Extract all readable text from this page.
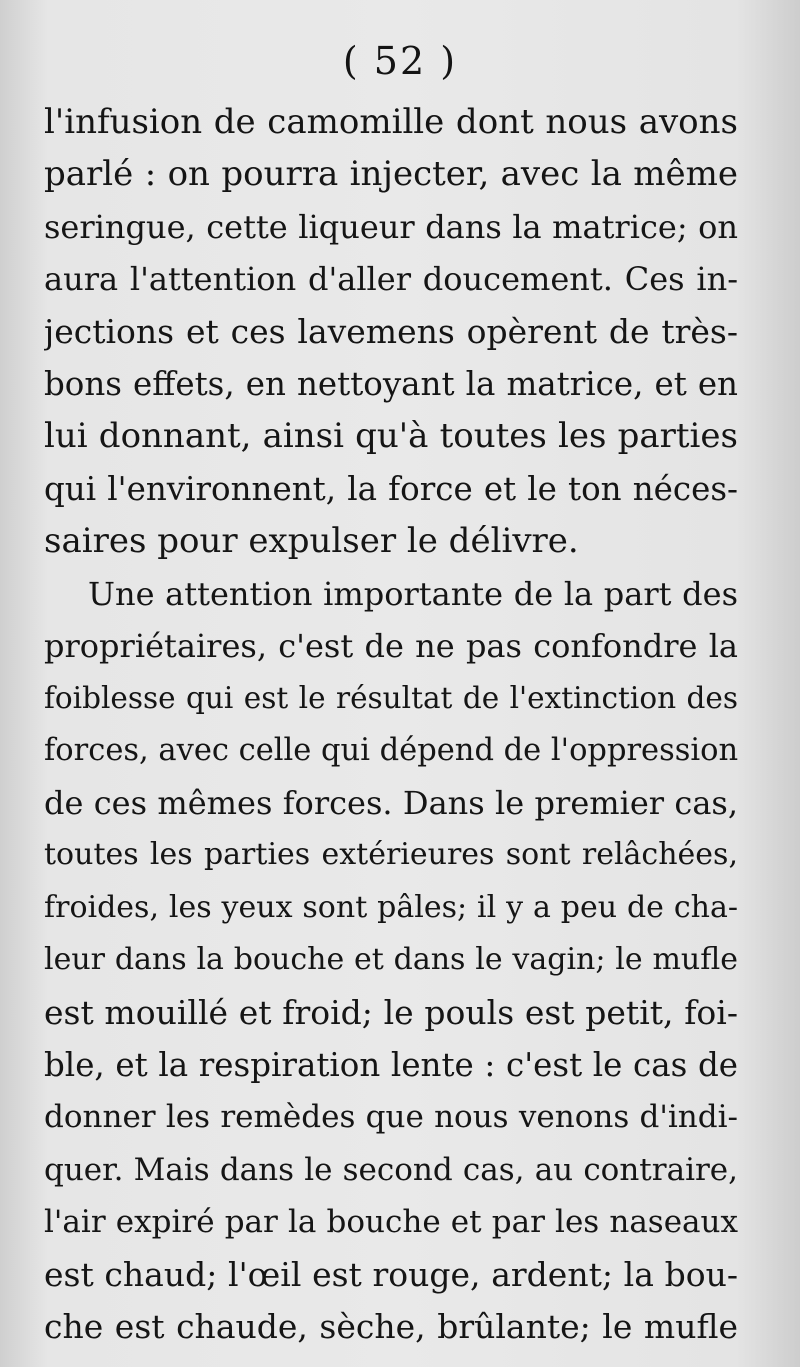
( 52 )
l'infusion de camomille dont nous avons
parlé : on pourra injecter, avec la même
seringue, cette liqueur dans la matrice; on
aura l'attention d'aller doucement. Ces in-
jections et ces lavemens opèrent de très-
bons effets, en nettoyant la matrice, et en
lui donnant, ainsi qu'à toutes les parties
qui l'environnent, la force et le ton néces-
saires pour expulser le délivre.
Une attention importante de la part des
propriétaires, c'est de ne pas confondre la
foiblesse qui est le résultat de l'extinction des
forces, avec celle qui dépend de l'oppression
de ces mêmes forces. Dans le premier cas,
toutes les parties extérieures sont relâchées,
froides, les yeux sont pâles; il y a peu de cha-
leur dans la bouche et dans le vagin; le mufle
est mouillé et froid; le pouls est petit, foi-
ble, et la respiration lente : c'est le cas de
donner les remèdes que nous venons d'indi-
quer. Mais dans le second cas, au contraire,
l'air expiré par la bouche et par les naseaux
est chaud; l'œil est rouge, ardent; la bou-
che est chaude, sèche, brûlante; le mufle
